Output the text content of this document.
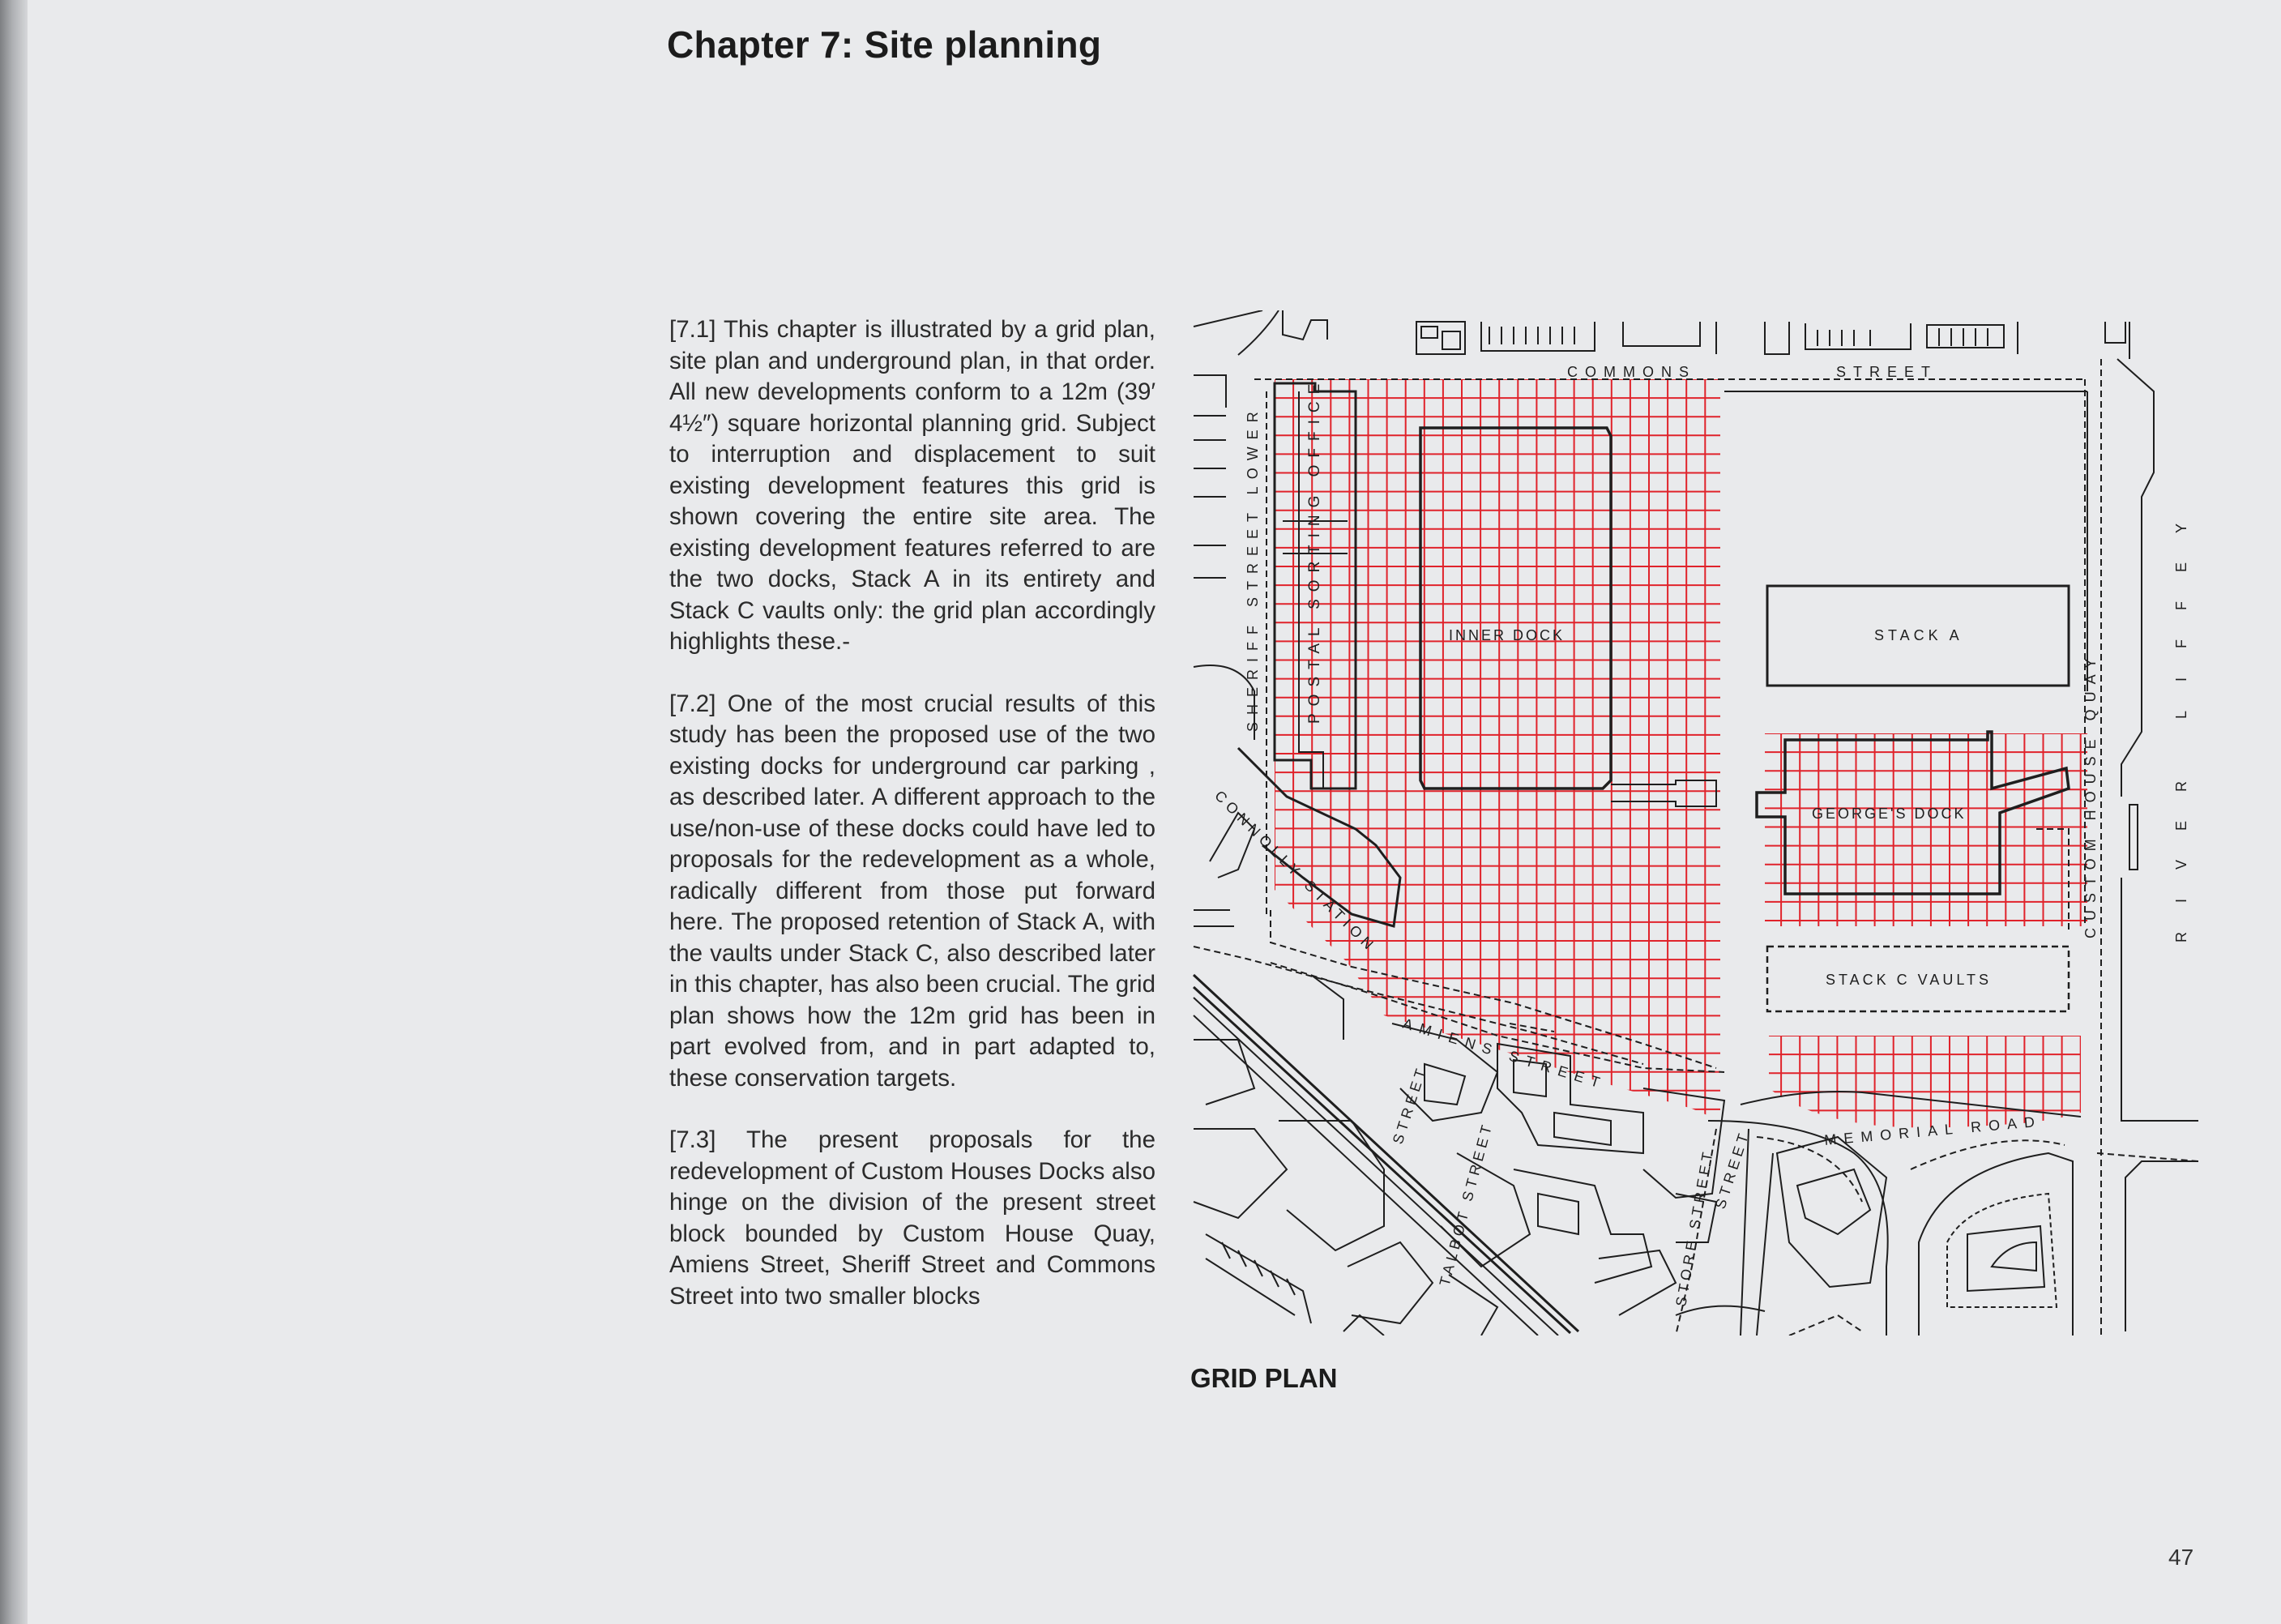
Chapter 7: Site planning

[7.1] This chapter is illustrated by a grid plan, site plan and underground plan, in that order. All new developments conform to a 12m (39′ 4½″) square horizontal planning grid. Subject to interruption and displacement to suit existing development features this grid is shown covering the entire site area. The existing development features referred to are the two docks, Stack A in its entirety and Stack C vaults only: the grid plan accordingly highlights these.-

[7.2] One of the most crucial results of this study has been the proposed use of the two existing docks for underground car parking , as described later. A different approach to the use/non-use of these docks could have led to proposals for the redevelopment as a whole, radically different from those put forward here. The proposed retention of Stack A, with the vaults under Stack C, also described later in this chapter, has also been crucial. The grid plan shows how the 12m grid has been in part evolved from, and in part adapted to, these conservation targets.

[7.3] The present proposals for the redevelopment of Custom Houses Docks also hinge on the division of the present street block bounded by Custom House Quay, Amiens Street, Sheriff Street and Commons Street into two smaller blocks

COMMONS	STREET
SHERIFF STREET LOWER	POSTAL SORTING OFFICE	INNER DOCK	STACK A
GEORGE'S DOCK
STACK C VAULTS
CUSTOM HOUSE QUAY	RIVER LIFFEY
CONNOLLY STATION
AMIENS STREET
MEMORIAL ROAD
TALBOT STREET	STORE STREET
STREET
STREET

GRID PLAN

47
